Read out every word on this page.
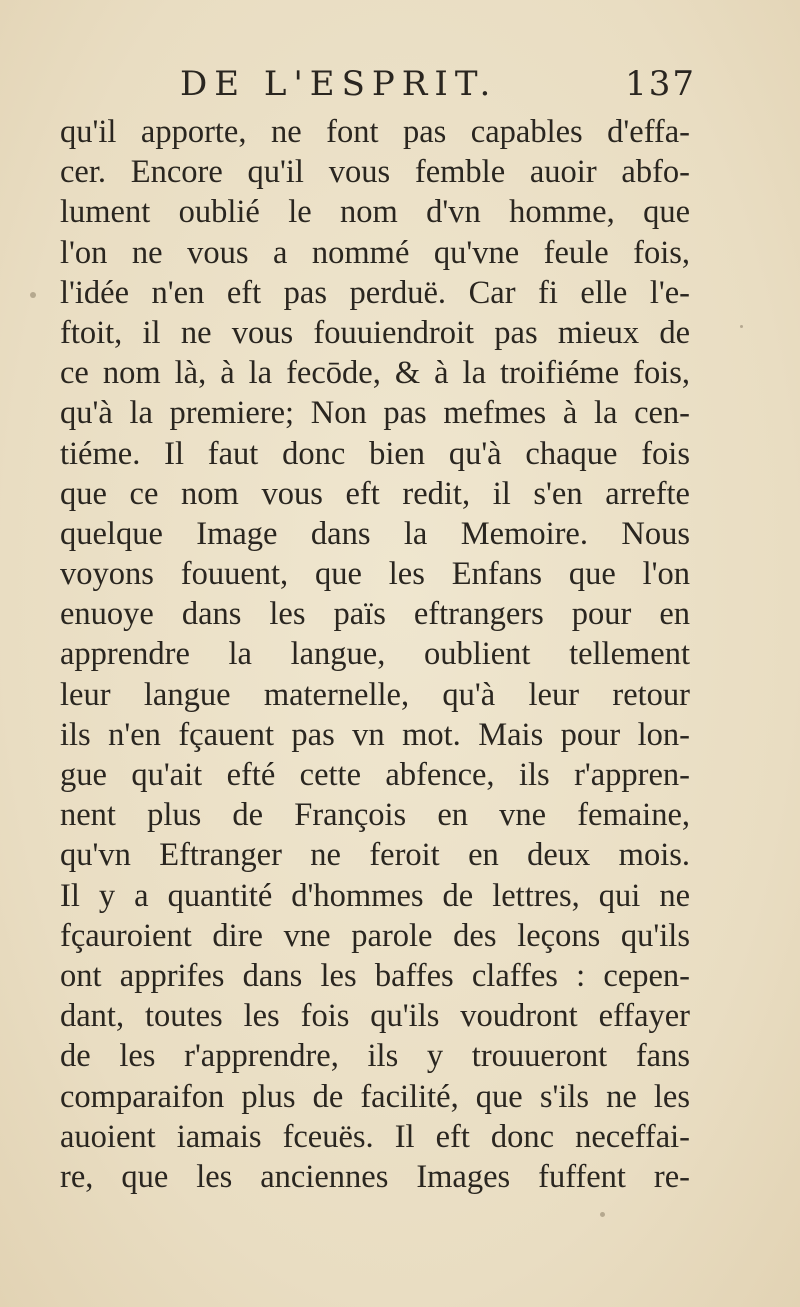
DE L'ESPRIT.	137
qu'il apporte, ne font pas capables d'effa-
cer. Encore qu'il vous femble auoir abfo-
lument oublié le nom d'vn homme, que
l'on ne vous a nommé qu'vne feule fois,
l'idée n'en eft pas perduë. Car fi elle l'e-
ftoit, il ne vous fouuiendroit pas mieux de
ce nom là, à la fecōde, & à la troifiéme fois,
qu'à la premiere; Non pas mefmes à la cen-
tiéme. Il faut donc bien qu'à chaque fois
que ce nom vous eft redit, il s'en arrefte
quelque Image dans la Memoire. Nous
voyons fouuent, que les Enfans que l'on
enuoye dans les païs eftrangers pour en
apprendre la langue, oublient tellement
leur langue maternelle, qu'à leur retour
ils n'en fçauent pas vn mot. Mais pour lon-
gue qu'ait efté cette abfence, ils r'appren-
nent plus de François en vne femaine,
qu'vn Eftranger ne feroit en deux mois.
Il y a quantité d'hommes de lettres, qui ne
fçauroient dire vne parole des leçons qu'ils
ont apprifes dans les baffes claffes : cepen-
dant, toutes les fois qu'ils voudront effayer
de les r'apprendre, ils y trouueront fans
comparaifon plus de facilité, que s'ils ne les
auoient iamais fceuës. Il eft donc neceffai-
re, que les anciennes Images fuffent re-
